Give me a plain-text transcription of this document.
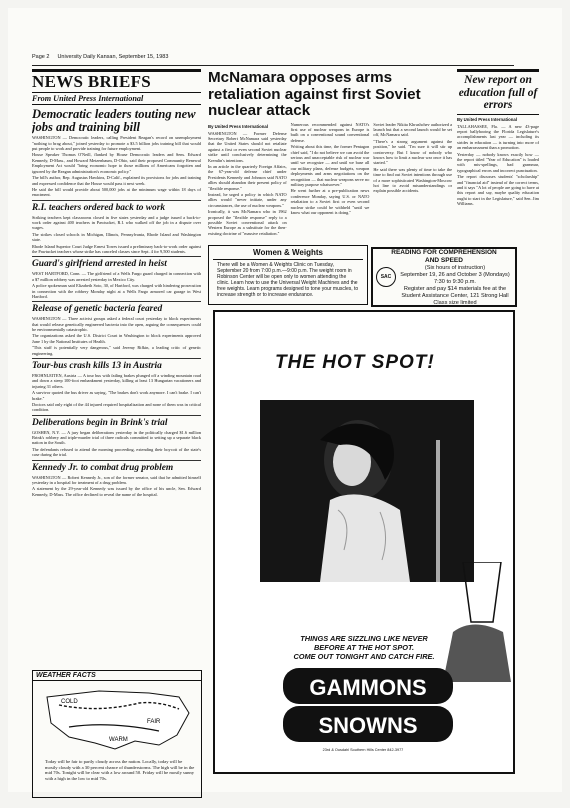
Page 2 University Daily Kansan, September 15, 1983
NEWS BRIEFS
From United Press International
Democratic leaders touting new jobs and training bill

WASHINGTON — Democratic leaders, calling President Reagan's record on unemployment "nothing to brag about," joined yesterday to promote a $3.5 billion jobs training bill that would put people to work and provide training for future employment.

House Speaker Thomas O'Neill, flanked by House Democratic leaders and Sens. Edward Kennedy, D-Mass., and Howard Metzenbaum, D-Ohio, said their proposed Community Renewal Employment Act would "bring economic hope to those millions of Americans forgotten and ignored by the Reagan administration's economic policy."

The bill's author, Rep. Augustus Hawkins, D-Calif., explained its provisions for jobs and training and expressed confidence that the House would pass it next week.

He said the bill would provide about 500,000 jobs at the minimum wage within 18 days of enactment.

R.I. teachers ordered back to work

Striking teachers kept classrooms closed in five states yesterday and a judge issued a back-to-work order against 400 teachers in Pawtucket, R.I. who walked off the job in a dispute over wages.

The strikes closed schools in Michigan, Illinois, Pennsylvania, Rhode Island and Washington state.

Rhode Island Superior Court Judge Ernest Torres issued a preliminary back-to-work order against the Pawtucket teachers whose strike has canceled classes since Sept. 4 for 9,500 students.

Guard's girlfriend arrested in heist

WEST HARTFORD, Conn. — The girlfriend of a Wells Fargo guard charged in connection with a $7 million robbery was arrested yesterday in Mexico City.

A police spokesman said Elizabeth Soto, 30, of Hartford, was charged with hindering prosecution in connection with the robbery Monday night at a Wells Fargo armored car garage in West Hartford.

Release of genetic bacteria feared

WASHINGTON — Three activist groups asked a federal court yesterday to block experiments that would release genetically engineered bacteria into the open, arguing the consequences could be environmentally catastrophic.

The organizations asked the U.S. District Court in Washington to block experiments approved June 1 by the National Institutes of Health.

"This stuff is potentially very dangerous," said Jeremy Rifkin, a leading critic of genetic engineering.

Tour-bus crash kills 13 in Austria

FROHNLEITEN, Austria — A tour bus with failing brakes plunged off a winding mountain road and down a steep 100-foot embankment yesterday, killing at least 13 Hungarian vacationers and injuring 31 others.

A survivor quoted the bus driver as saying, "The brakes don't work anymore. I can't brake. I can't brake."

Doctors said only eight of the 44 injured required hospitalization and none of them was in critical condition.

Deliberations begin in Brink's trial

GOSHEN, N.Y. — A jury began deliberations yesterday in the politically charged $1.6 million Brink's robbery and triple-murder trial of three radicals committed to setting up a separate black nation in the South.

The defendants refused to attend the morning proceeding, extending their boycott of the state's case during the trial.

Kennedy Jr. to combat drug problem

WASHINGTON — Robert Kennedy Jr., son of the former senator, said that he admitted himself yesterday in a hospital for treatment of a drug problem.

A statement by the 29-year-old Kennedy was issued by the office of his uncle, Sen. Edward Kennedy, D-Mass. The office declined to reveal the name of the hospital.

McNamara opposes arms retaliation against first Soviet nuclear attack
By United Press International

WASHINGTON — Former Defense Secretary Robert McNamara said yesterday that the United States should not retaliate against a first or even second Soviet nuclear strike until conclusively determining the Kremlin's intentions.

In an article in the quarterly Foreign Affairs, the 67-year-old defense chief under Presidents Kennedy and Johnson said NATO allies should abandon their present policy of "flexible response."

Instead, he urged a policy in which NATO allies would "never initiate, under any circumstances, the use of nuclear weapons."

Ironically, it was McNamara who in 1962 proposed the "flexible response" reply to a possible Soviet conventional attack on Western Europe as a substitute for the then-existing doctrine of "massive retaliation."

Numerous recommended against NATO's first use of nuclear weapons in Europe is built on a conventional sound conventional defense.

Writing about this time, the former Pentagon chief said, "I do not believe we can avoid the serious and unacceptable risk of nuclear war until we recognize — and until we base all our military plans, defense budgets, weapon deployments and arms negotiations on the recognition — that nuclear weapons serve no military purpose whatsoever."

He went further at a pre-publication news conference Monday, saying U.S. or NATO retaliation to a Soviet first or even second nuclear strike could be withheld "until we know what our opponent is doing."

Soviet leader Nikita Khrushchev authorized a launch but that a second launch would be set off, McNamara said.

"There's a strong argument against the position," he said. "I'm sure it will stir up controversy. But I know of nobody who knows how to limit a nuclear war once it has started."

He said there was plenty of time to take the time to find out Soviet intentions through use of a more sophisticated Washington-Moscow hot line to avoid misunderstandings or explain possible accidents.

New report on education full of errors
By United Press International

TALLAHASSEE, Fla. — A new 43-page report ballyhooing the Florida Legislature's accomplishments last year — including its strides in education — is turning into more of an embarrassment than a promotion.

Yesterday — nobody knows exactly how — the report titled "Year of Education" is loaded with mis-spellings, bad grammar, typographical errors and incorrect punctuation.

The report discusses students' "scholarship" and "financial aid" instead of the correct terms, and it says "A lot of people are going to have at this report and say, maybe quality education ought to start in the Legislature," said Sen. Jim Williams.

Women & Weights
There will be a Women & Weights Clinic on Tuesday, September 20 from 7:00 p.m.—9:00 p.m. The weight room in Robinson Center will be open only to women attending the clinic. Learn how to use the Universal Weight Machines and the free weights. Learn programs designed to tone your muscles, to increase strength or to increase endurance.
READING FOR COMPREHENSION
AND SPEED
SAC
(Six hours of instruction)
September 19, 26 and October 3 (Mondays)
7:30 to 9:30 p.m.
Register and pay $14 materials fee at the Student Assistance Center, 121 Strong Hall
Class size limited
THE HOT SPOT!
THINGS ARE SIZZLING LIKE NEVER
BEFORE AT THE HOT SPOT.
COME OUT TONIGHT AND CATCH FIRE.
GAMMONS
SNOWNS
23rd & Ousdahl Southern Hills Center 842-3977
WEATHER FACTS
COLD
FAIR
WARM
Today will be fair to partly cloudy across the nation. Locally, today will be mostly cloudy with a 30 percent chance of thunderstorms. The high will be in the mid 70s. Tonight will be clear with a low around 50. Friday will be mostly sunny with a high in the low to mid 70s.
